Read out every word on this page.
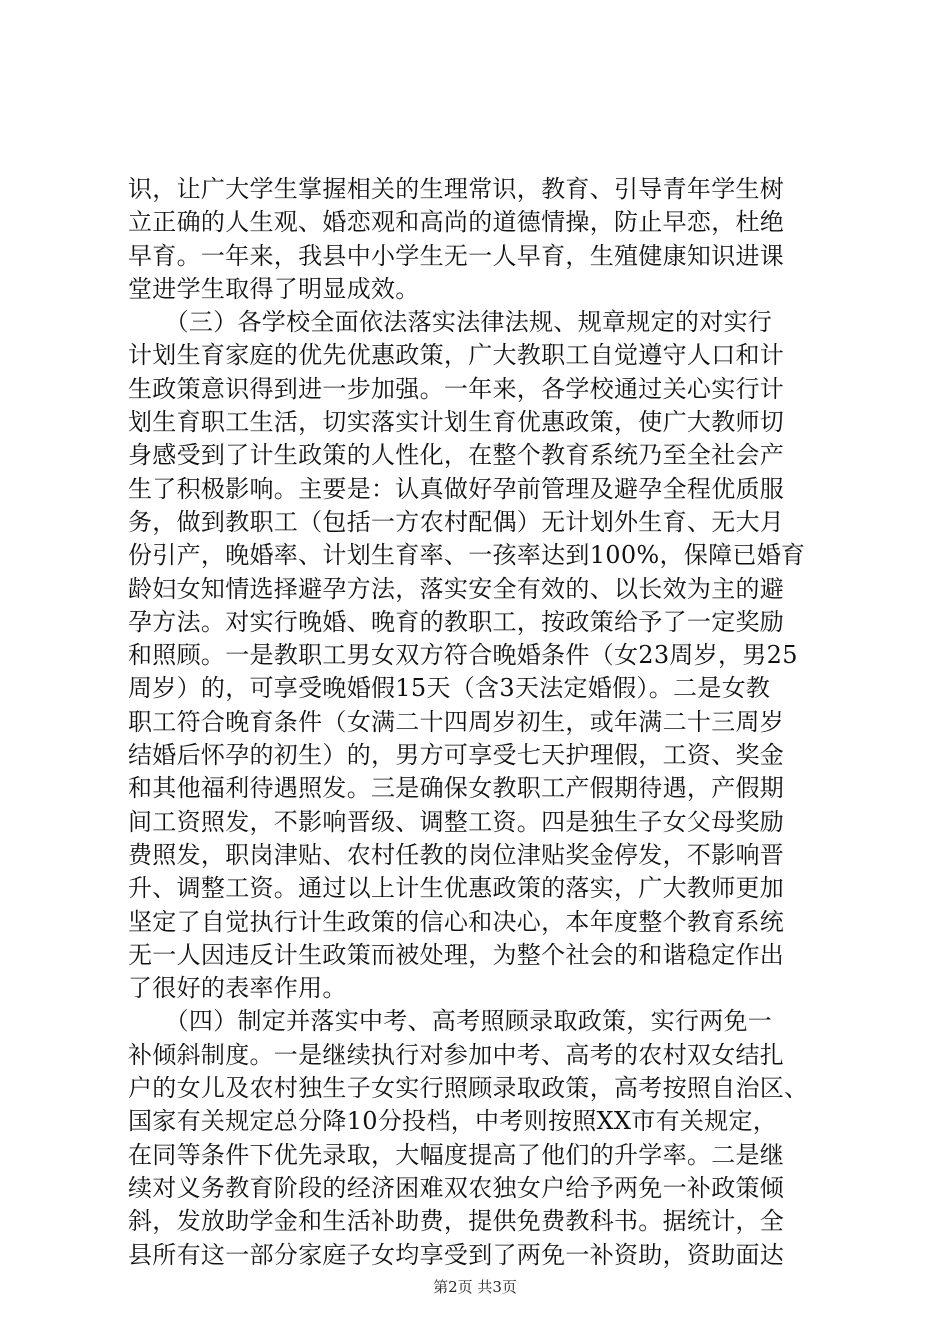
识，让广大学生掌握相关的生理常识，教育、引导青年学生树
立正确的人生观、婚恋观和高尚的道德情操，防止早恋，杜绝
早育。一年来，我县中小学生无一人早育，生殖健康知识进课
堂进学生取得了明显成效。
　　（三）各学校全面依法落实法律法规、规章规定的对实行
计划生育家庭的优先优惠政策，广大教职工自觉遵守人口和计
生政策意识得到进一步加强。一年来，各学校通过关心实行计
划生育职工生活，切实落实计划生育优惠政策，使广大教师切
身感受到了计生政策的人性化，在整个教育系统乃至全社会产
生了积极影响。主要是：认真做好孕前管理及避孕全程优质服
务，做到教职工（包括一方农村配偶）无计划外生育、无大月
份引产，晚婚率、计划生育率、一孩率达到100%，保障已婚育
龄妇女知情选择避孕方法，落实安全有效的、以长效为主的避
孕方法。对实行晚婚、晚育的教职工，按政策给予了一定奖励
和照顾。一是教职工男女双方符合晚婚条件（女23周岁，男25
周岁）的，可享受晚婚假15天（含3天法定婚假）。二是女教
职工符合晚育条件（女满二十四周岁初生，或年满二十三周岁
结婚后怀孕的初生）的，男方可享受七天护理假，工资、奖金
和其他福利待遇照发。三是确保女教职工产假期待遇，产假期
间工资照发，不影响晋级、调整工资。四是独生子女父母奖励
费照发，职岗津贴、农村任教的岗位津贴奖金停发，不影响晋
升、调整工资。通过以上计生优惠政策的落实，广大教师更加
坚定了自觉执行计生政策的信心和决心，本年度整个教育系统
无一人因违反计生政策而被处理，为整个社会的和谐稳定作出
了很好的表率作用。
　　（四）制定并落实中考、高考照顾录取政策，实行两免一
补倾斜制度。一是继续执行对参加中考、高考的农村双女结扎
户的女儿及农村独生子女实行照顾录取政策，高考按照自治区、
国家有关规定总分降10分投档，中考则按照XX市有关规定，
在同等条件下优先录取，大幅度提高了他们的升学率。二是继
续对义务教育阶段的经济困难双农独女户给予两免一补政策倾
斜，发放助学金和生活补助费，提供免费教科书。据统计，全
县所有这一部分家庭子女均享受到了两免一补资助，资助面达
第2页 共3页
